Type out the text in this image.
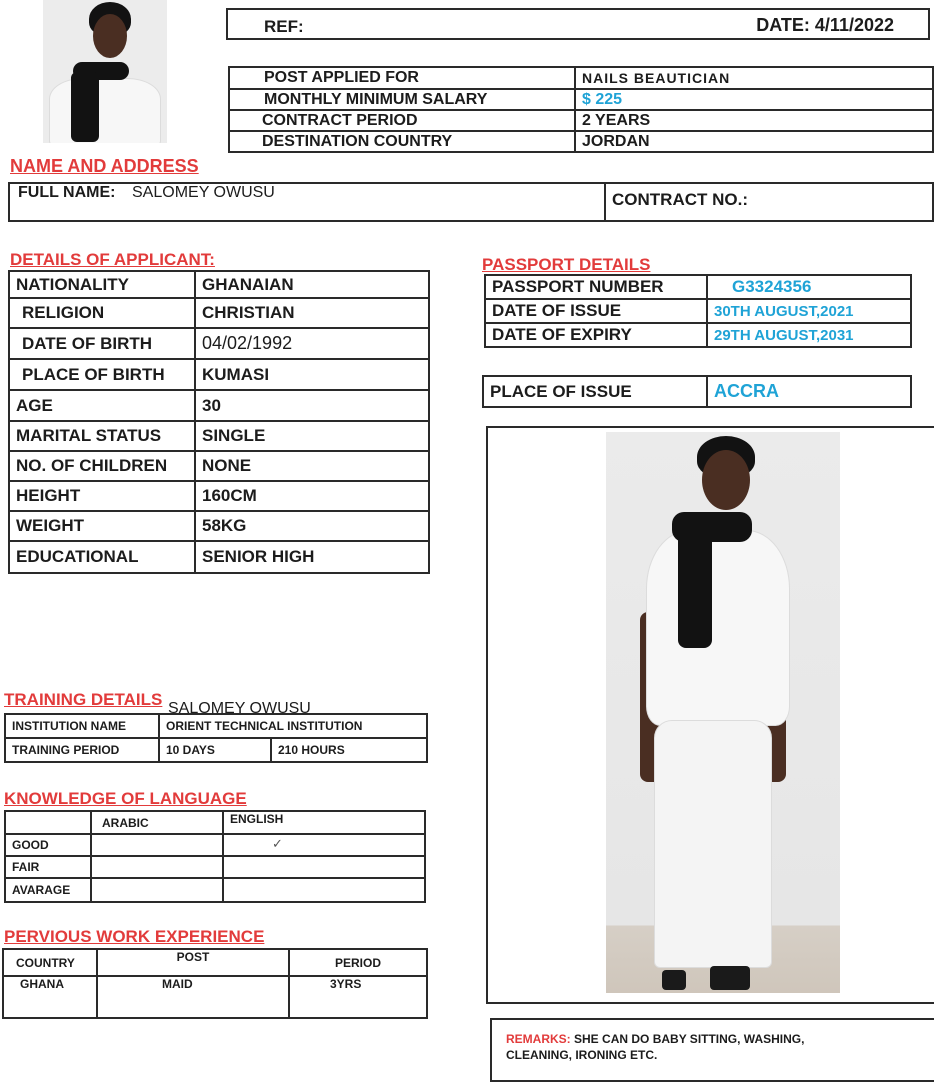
REF:	DATE: 4/11/2022
POST APPLIED FOR	NAILS BEAUTICIAN
MONTHLY MINIMUM SALARY	$ 225
CONTRACT PERIOD	2 YEARS
DESTINATION COUNTRY	JORDAN
NAME AND ADDRESS
FULL NAME: SALOMEY OWUSU	CONTRACT NO.:
DETAILS OF APPLICANT:
NATIONALITY	GHANAIAN
RELIGION	CHRISTIAN
DATE OF BIRTH	04/02/1992
PLACE OF BIRTH	KUMASI
AGE	30
MARITAL STATUS	SINGLE
NO. OF CHILDREN	NONE
HEIGHT	160CM
WEIGHT	58KG
EDUCATIONAL	SENIOR HIGH
PASSPORT DETAILS
PASSPORT NUMBER	G3324356
DATE OF ISSUE	30TH AUGUST,2021
DATE OF EXPIRY	29TH AUGUST,2031
PLACE OF ISSUE	ACCRA
TRAINING DETAILS SALOMEY OWUSU
INSTITUTION NAME	ORIENT TECHNICAL INSTITUTION	
TRAINING PERIOD	10 DAYS	210 HOURS
KNOWLEDGE OF LANGUAGE
	ARABIC	ENGLISH
GOOD		✓

FAIR		
AVARAGE		
PERVIOUS WORK EXPERIENCE
COUNTRY	POST	PERIOD
GHANA	MAID	3YRS
REMARKS: SHE CAN DO BABY SITTING, WASHING,
CLEANING, IRONING ETC.
